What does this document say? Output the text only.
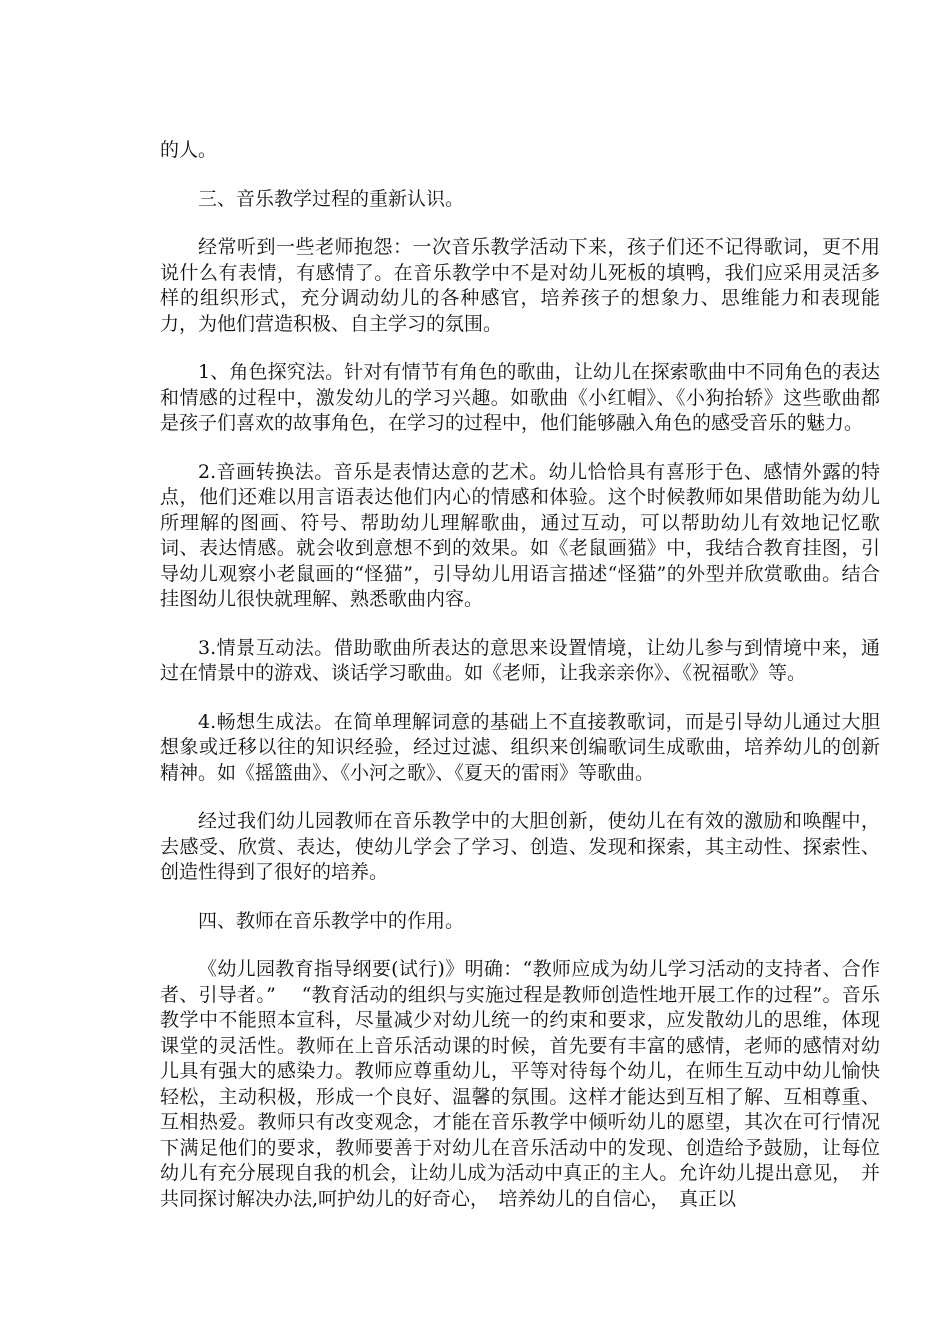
的人。

三、音乐教学过程的重新认识。

经常听到一些老师抱怨：一次音乐教学活动下来，孩子们还不记得歌词，更不用说什么有表情，有感情了。在音乐教学中不是对幼儿死板的填鸭，我们应采用灵活多样的组织形式，充分调动幼儿的各种感官，培养孩子的想象力、思维能力和表现能力，为他们营造积极、自主学习的氛围。

1、角色探究法。针对有情节有角色的歌曲，让幼儿在探索歌曲中不同角色的表达和情感的过程中，激发幼儿的学习兴趣。如歌曲《小红帽》、《小狗抬轿》这些歌曲都是孩子们喜欢的故事角色，在学习的过程中，他们能够融入角色的感受音乐的魅力。

2.音画转换法。音乐是表情达意的艺术。幼儿恰恰具有喜形于色、感情外露的特点，他们还难以用言语表达他们内心的情感和体验。这个时候教师如果借助能为幼儿所理解的图画、符号、帮助幼儿理解歌曲，通过互动，可以帮助幼儿有效地记忆歌词、表达情感。就会收到意想不到的效果。如《老鼠画猫》中，我结合教育挂图，引导幼儿观察小老鼠画的“怪猫”，引导幼儿用语言描述“怪猫”的外型并欣赏歌曲。结合挂图幼儿很快就理解、熟悉歌曲内容。

3.情景互动法。借助歌曲所表达的意思来设置情境，让幼儿参与到情境中来，通过在情景中的游戏、谈话学习歌曲。如《老师，让我亲亲你》、《祝福歌》等。

4.畅想生成法。在简单理解词意的基础上不直接教歌词，而是引导幼儿通过大胆想象或迁移以往的知识经验，经过过滤、组织来创编歌词生成歌曲，培养幼儿的创新精神。如《摇篮曲》、《小河之歌》、《夏天的雷雨》等歌曲。

经过我们幼儿园教师在音乐教学中的大胆创新，使幼儿在有效的激励和唤醒中，去感受、欣赏、表达，使幼儿学会了学习、创造、发现和探索，其主动性、探索性、创造性得到了很好的培养。

四、教师在音乐教学中的作用。

《幼儿园教育指导纲要(试行)》明确：“教师应成为幼儿学习活动的支持者、合作者、引导者。”　 “教育活动的组织与实施过程是教师创造性地开展工作的过程”。音乐教学中不能照本宣科，尽量减少对幼儿统一的约束和要求，应发散幼儿的思维，体现课堂的灵活性。教师在上音乐活动课的时候，首先要有丰富的感情，老师的感情对幼儿具有强大的感染力。教师应尊重幼儿，平等对待每个幼儿，在师生互动中幼儿愉快轻松，主动积极，形成一个良好、温馨的氛围。这样才能达到互相了解、互相尊重、互相热爱。教师只有改变观念，才能在音乐教学中倾听幼儿的愿望，其次在可行情况下满足他们的要求，教师要善于对幼儿在音乐活动中的发现、创造给予鼓励，让每位幼儿有充分展现自我的机会，让幼儿成为活动中真正的主人。允许幼儿提出意见，　并共同探讨解决办法,呵护幼儿的好奇心，　培养幼儿的自信心，　真正以
